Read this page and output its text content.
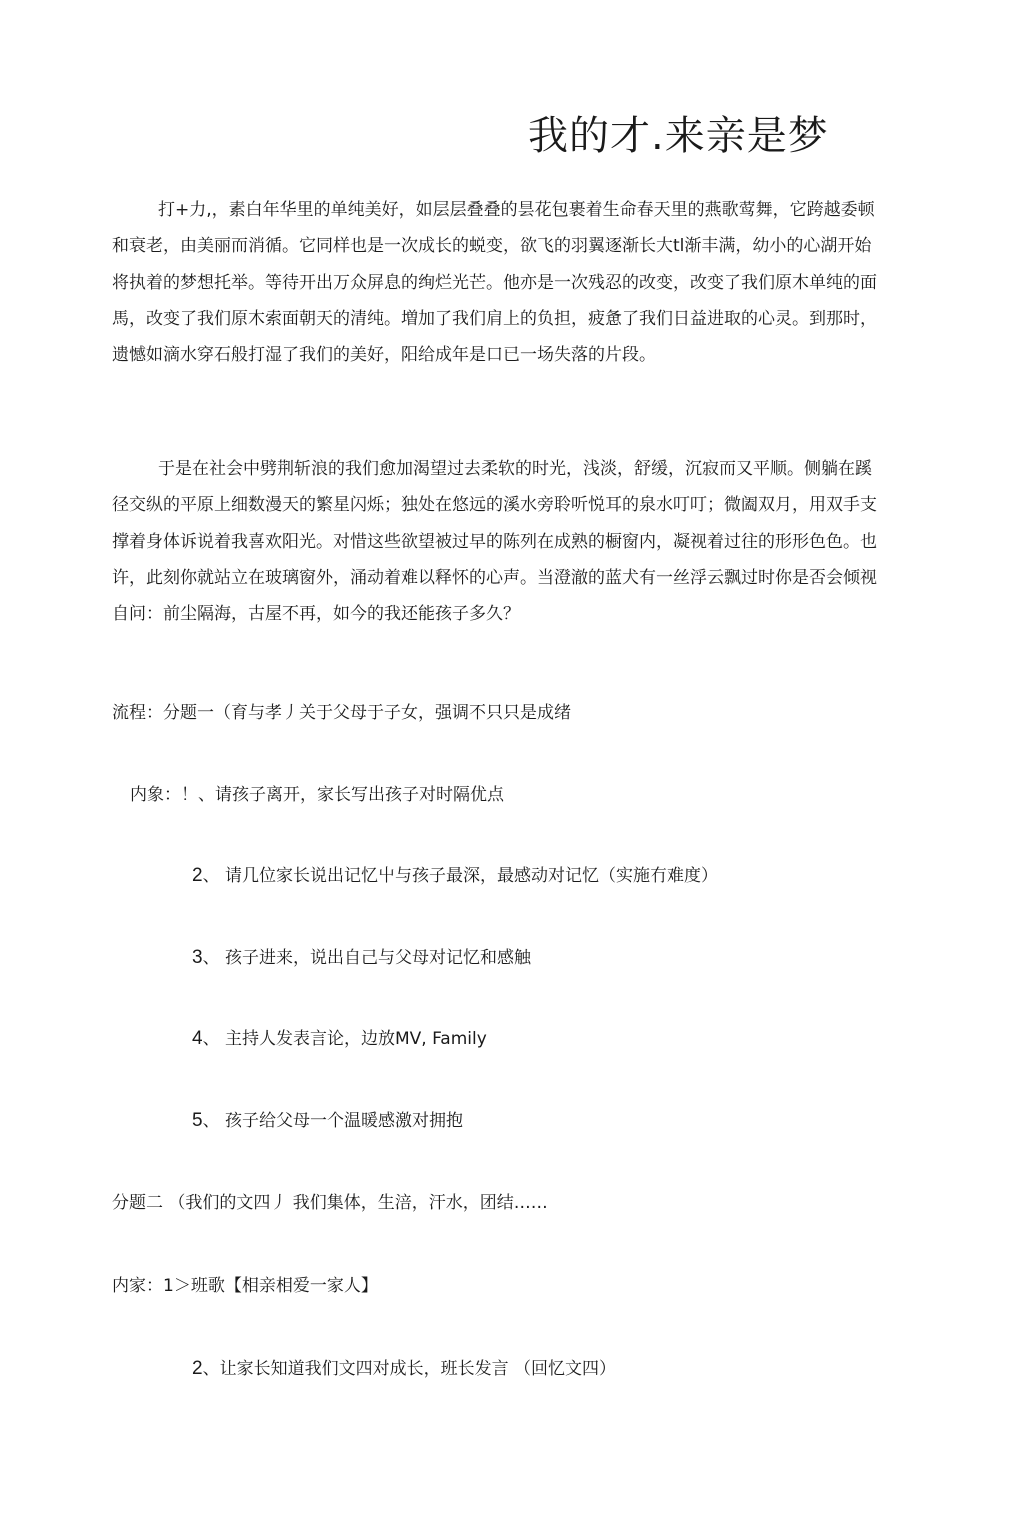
我的才.来亲是梦

打+力,，素白年华里的单纯美好，如层层叠叠的昙花包裹着生命春天里的燕歌莺舞，它跨越委顿和衰老，由美丽而消循。它同样也是一次成长的蜕变，欲飞的羽翼逐渐长大tl渐丰满，幼小的心湖开始将执着的梦想托举。等待开出万众屏息的绚烂光芒。他亦是一次残忍的改变，改变了我们原木单纯的面馬，改变了我们原木索面朝天的清纯。増加了我们肩上的负担，疲惫了我们日益进取的心灵。到那时，遗憾如滴水穿石般打湿了我们的美好，阳给成年是口已一场失落的片段。

于是在社会中劈荆斩浪的我们愈加渴望过去柔软的时光，浅淡，舒缓，沉寂而又平顺。侧躺在蹊径交纵的平原上细数漫天的繁星闪烁；独处在悠远的溪水旁聆听悦耳的泉水叮叮；微阖双月，用双手支撑着身体诉说着我喜欢阳光。对惜这些欲望被过早的陈列在成熟的橱窗内，凝视着过往的形形色色。也许，此刻你就站立在玻璃窗外，涌动着难以释怀的心声。当澄澈的蓝犬有一丝浮云飘过时你是否会倾视自问：前尘隔海，古屋不再，如今的我还能孩子多久？

流程：分题一（育与孝丿关于父母于子女，强调不只只是成绪

内象：！、请孩子离开，家长写出孩子对时隔优点

2、 请几位家长说出记忆屮与孩子最深，最感动对记忆（实施冇难度）

3、 孩子进来，说出自己与父母对记忆和感触

4、 主持人发表言论，边放MV, Family

5、 孩子给父母一个温暖感激对拥抱

分题二 （我们的文四丿 我们集体，生涪，汗水，团结……

内家：1＞班歌【相亲相爱一家人】

2、让家长知道我们文四对成长，班长发言 （回忆文四）
